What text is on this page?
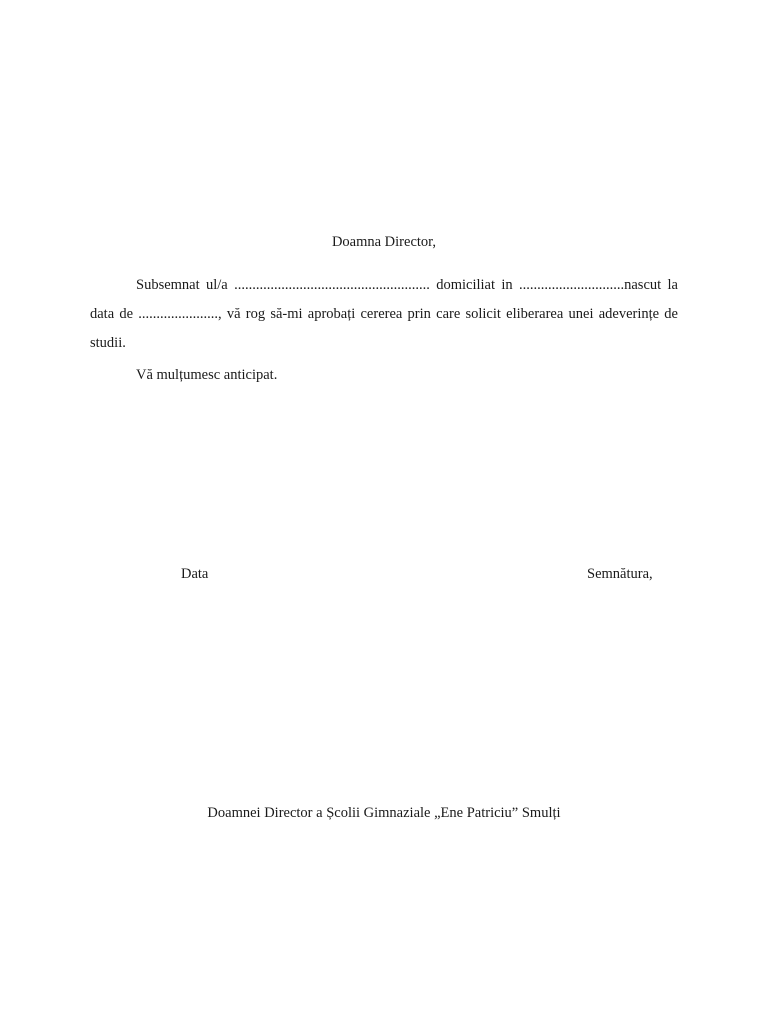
Doamna Director,
Subsemnat ul/a ...................................................... domiciliat in .............................nascut la data de ......................, vă rog să-mi aprobați cererea prin care solicit eliberarea unei adeverințe de studii.
Vă mulțumesc anticipat.
Data	Semnătura,
Doamnei Director a Școlii Gimnaziale „Ene Patriciu” Smulți
